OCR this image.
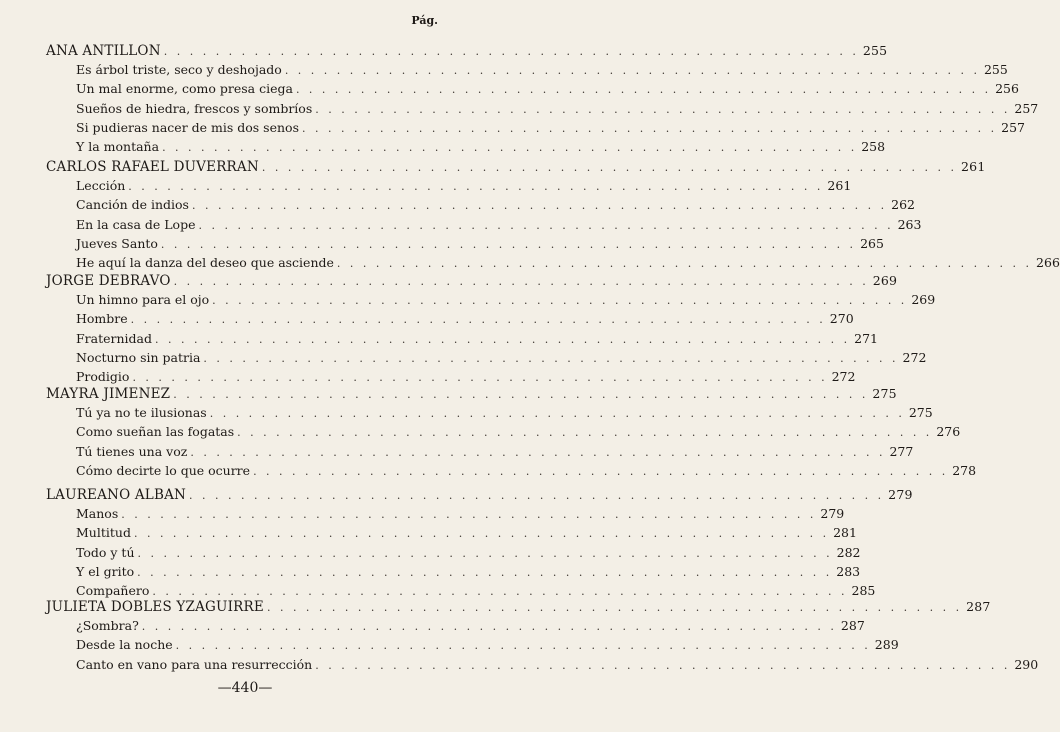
Pág.
ANA ANTILLON . . . . . . . . . . . . . . . . . . . . . . . . . . . . . . . . . . . . . . . . . . . . . . . . . . . . . . 255
Es árbol triste, seco y deshojado . . . . . . . . . . . . . . . . . . . . . . . . . . . . . . . . . . . . . . . . . . . . . . . . . . . . . . 255
Un mal enorme, como presa ciega . . . . . . . . . . . . . . . . . . . . . . . . . . . . . . . . . . . . . . . . . . . . . . . . . . . . . . 256
Sueños de hiedra, frescos y sombríos . . . . . . . . . . . . . . . . . . . . . . . . . . . . . . . . . . . . . . . . . . . . . . . . . . . . . . 257
Si pudieras nacer de mis dos senos . . . . . . . . . . . . . . . . . . . . . . . . . . . . . . . . . . . . . . . . . . . . . . . . . . . . . . 257
Y la montaña . . . . . . . . . . . . . . . . . . . . . . . . . . . . . . . . . . . . . . . . . . . . . . . . . . . . . . 258
CARLOS RAFAEL DUVERRAN . . . . . . . . . . . . . . . . . . . . . . . . . . . . . . . . . . . . . . . . . . . . . . . . . . . . . . 261
Lección . . . . . . . . . . . . . . . . . . . . . . . . . . . . . . . . . . . . . . . . . . . . . . . . . . . . . . 261
Canción de indios . . . . . . . . . . . . . . . . . . . . . . . . . . . . . . . . . . . . . . . . . . . . . . . . . . . . . . 262
En la casa de Lope . . . . . . . . . . . . . . . . . . . . . . . . . . . . . . . . . . . . . . . . . . . . . . . . . . . . . . 263
Jueves Santo . . . . . . . . . . . . . . . . . . . . . . . . . . . . . . . . . . . . . . . . . . . . . . . . . . . . . . 265
He aquí la danza del deseo que asciende . . . . . . . . . . . . . . . . . . . . . . . . . . . . . . . . . . . . . . . . . . . . . . . . . . . . . . 266
JORGE DEBRAVO . . . . . . . . . . . . . . . . . . . . . . . . . . . . . . . . . . . . . . . . . . . . . . . . . . . . . . 269
Un himno para el ojo . . . . . . . . . . . . . . . . . . . . . . . . . . . . . . . . . . . . . . . . . . . . . . . . . . . . . . 269
Hombre . . . . . . . . . . . . . . . . . . . . . . . . . . . . . . . . . . . . . . . . . . . . . . . . . . . . . . 270
Fraternidad . . . . . . . . . . . . . . . . . . . . . . . . . . . . . . . . . . . . . . . . . . . . . . . . . . . . . . 271
Nocturno sin patria . . . . . . . . . . . . . . . . . . . . . . . . . . . . . . . . . . . . . . . . . . . . . . . . . . . . . . 272
Prodigio . . . . . . . . . . . . . . . . . . . . . . . . . . . . . . . . . . . . . . . . . . . . . . . . . . . . . . 272
MAYRA JIMENEZ . . . . . . . . . . . . . . . . . . . . . . . . . . . . . . . . . . . . . . . . . . . . . . . . . . . . . . 275
Tú ya no te ilusionas . . . . . . . . . . . . . . . . . . . . . . . . . . . . . . . . . . . . . . . . . . . . . . . . . . . . . . 275
Como sueñan las fogatas . . . . . . . . . . . . . . . . . . . . . . . . . . . . . . . . . . . . . . . . . . . . . . . . . . . . . . 276
Tú tienes una voz . . . . . . . . . . . . . . . . . . . . . . . . . . . . . . . . . . . . . . . . . . . . . . . . . . . . . . 277
Cómo decirte lo que ocurre . . . . . . . . . . . . . . . . . . . . . . . . . . . . . . . . . . . . . . . . . . . . . . . . . . . . . . 278
LAUREANO ALBAN . . . . . . . . . . . . . . . . . . . . . . . . . . . . . . . . . . . . . . . . . . . . . . . . . . . . . . 279
Manos . . . . . . . . . . . . . . . . . . . . . . . . . . . . . . . . . . . . . . . . . . . . . . . . . . . . . . 279
Multitud . . . . . . . . . . . . . . . . . . . . . . . . . . . . . . . . . . . . . . . . . . . . . . . . . . . . . . 281
Todo y tú . . . . . . . . . . . . . . . . . . . . . . . . . . . . . . . . . . . . . . . . . . . . . . . . . . . . . . 282
Y el grito . . . . . . . . . . . . . . . . . . . . . . . . . . . . . . . . . . . . . . . . . . . . . . . . . . . . . . 283
Compañero . . . . . . . . . . . . . . . . . . . . . . . . . . . . . . . . . . . . . . . . . . . . . . . . . . . . . . 285
JULIETA DOBLES YZAGUIRRE . . . . . . . . . . . . . . . . . . . . . . . . . . . . . . . . . . . . . . . . . . . . . . . . . . . . . . 287
¿Sombra? . . . . . . . . . . . . . . . . . . . . . . . . . . . . . . . . . . . . . . . . . . . . . . . . . . . . . . 287
Desde la noche . . . . . . . . . . . . . . . . . . . . . . . . . . . . . . . . . . . . . . . . . . . . . . . . . . . . . . 289
Canto en vano para una resurrección . . . . . . . . . . . . . . . . . . . . . . . . . . . . . . . . . . . . . . . . . . . . . . . . . . . . . . 290
—440—
